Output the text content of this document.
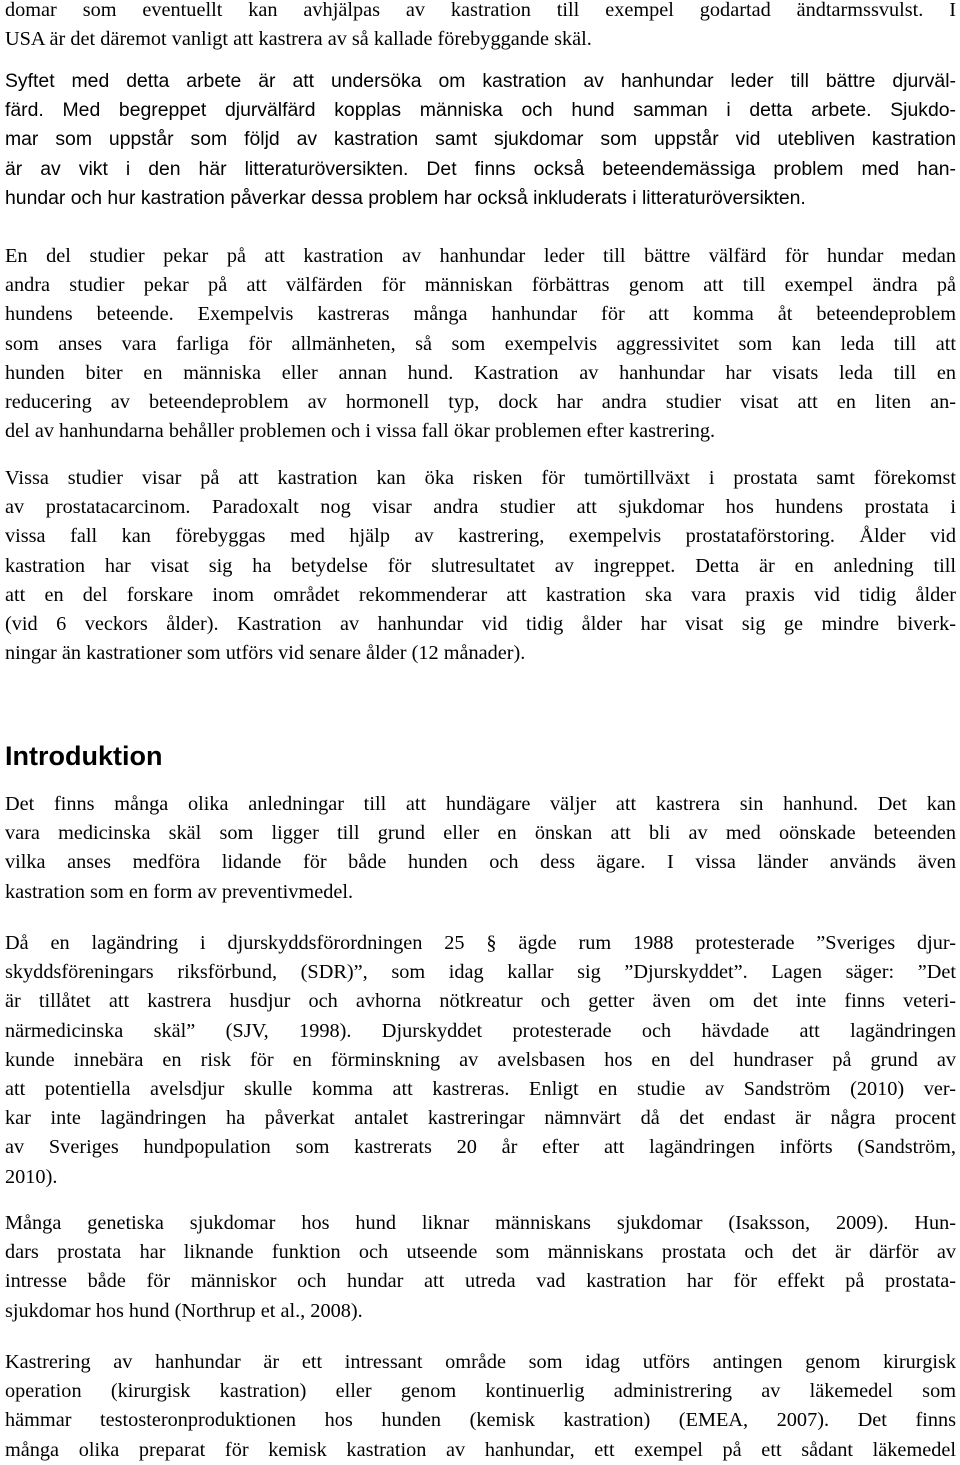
domar som eventuellt kan avhjälpas av kastration till exempel godartad ändtarmssvulst. I
USA är det däremot vanligt att kastrera av så kallade förebyggande skäl.
Syftet med detta arbete är att undersöka om kastration av hanhundar leder till bättre djurväl-
färd. Med begreppet djurvälfärd kopplas människa och hund samman i detta arbete. Sjukdo-
mar som uppstår som följd av kastration samt sjukdomar som uppstår vid utebliven kastration
är av vikt i den här litteraturöversikten. Det finns också beteendemässiga problem med han-
hundar och hur kastration påverkar dessa problem har också inkluderats i litteraturöversikten.
En del studier pekar på att kastration av hanhundar leder till bättre välfärd för hundar medan
andra studier pekar på att välfärden för människan förbättras genom att till exempel ändra på
hundens beteende. Exempelvis kastreras många hanhundar för att komma åt beteendeproblem
som anses vara farliga för allmänheten, så som exempelvis aggressivitet som kan leda till att
hunden biter en människa eller annan hund. Kastration av hanhundar har visats leda till en
reducering av beteendeproblem av hormonell typ, dock har andra studier visat att en liten an-
del av hanhundarna behåller problemen och i vissa fall ökar problemen efter kastrering.
Vissa studier visar på att kastration kan öka risken för tumörtillväxt i prostata samt förekomst
av prostatacarcinom. Paradoxalt nog visar andra studier att sjukdomar hos hundens prostata i
vissa fall kan förebyggas med hjälp av kastrering, exempelvis prostataförstoring. Ålder vid
kastration har visat sig ha betydelse för slutresultatet av ingreppet. Detta är en anledning till
att en del forskare inom området rekommenderar att kastration ska vara praxis vid tidig ålder
(vid 6 veckors ålder). Kastration av hanhundar vid tidig ålder har visat sig ge mindre biverk-
ningar än kastrationer som utförs vid senare ålder (12 månader).
Introduktion
Det finns många olika anledningar till att hundägare väljer att kastrera sin hanhund. Det kan
vara medicinska skäl som ligger till grund eller en önskan att bli av med oönskade beteenden
vilka anses medföra lidande för både hunden och dess ägare. I vissa länder används även
kastration som en form av preventivmedel.
Då en lagändring i djurskyddsförordningen 25 § ägde rum 1988 protesterade ”Sveriges djur-
skyddsföreningars riksförbund, (SDR)”, som idag kallar sig ”Djurskyddet”. Lagen säger: ”Det
är tillåtet att kastrera husdjur och avhorna nötkreatur och getter även om det inte finns veteri-
närmedicinska skäl” (SJV, 1998). Djurskyddet protesterade och hävdade att lagändringen
kunde innebära en risk för en förminskning av avelsbasen hos en del hundraser på grund av
att potentiella avelsdjur skulle komma att kastreras. Enligt en studie av Sandström (2010) ver-
kar inte lagändringen ha påverkat antalet kastreringar nämnvärt då det endast är några procent
av Sveriges hundpopulation som kastrerats 20 år efter att lagändringen införts (Sandström,
2010).
Många genetiska sjukdomar hos hund liknar människans sjukdomar (Isaksson, 2009). Hun-
dars prostata har liknande funktion och utseende som människans prostata och det är därför av
intresse både för människor och hundar att utreda vad kastration har för effekt på prostata-
sjukdomar hos hund (Northrup et al., 2008).
Kastrering av hanhundar är ett intressant område som idag utförs antingen genom kirurgisk
operation (kirurgisk kastration) eller genom kontinuerlig administrering av läkemedel som
hämmar testosteronproduktionen hos hunden (kemisk kastration) (EMEA, 2007). Det finns
många olika preparat för kemisk kastration av hanhundar, ett exempel på ett sådant läkemedel
